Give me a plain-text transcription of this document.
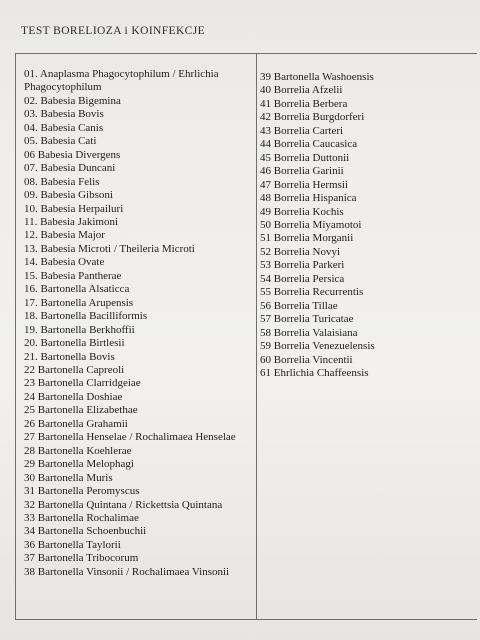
TEST BORELIOZA i KOINFEKCJE
01. Anaplasma Phagocytophilum / Ehrlichia Phagocytophilum
02. Babesia Bigemina
03. Babesia Bovis
04. Babesia Canis
05. Babesia Cati
06 Babesia Divergens
07. Babesia Duncani
08. Babesia Felis
09. Babesia Gibsoni
10. Babesia Herpailuri
11. Babesia Jakimoni
12. Babesia Major
13. Babesia Microti / Theileria Microti
14. Babesia Ovate
15. Babesia Pantherae
16. Bartonella Alsaticca
17. Bartonella Arupensis
18. Bartonella Bacilliformis
19. Bartonella Berkhoffii
20. Bartonella Birtlesii
21. Bartonella Bovis
22 Bartonella Capreoli
23 Bartonella Clarridgeiae
24 Bartonella Doshiae
25 Bartonella Elizabethae
26 Bartonella Grahamii
27 Bartonella Henselae / Rochalimaea Henselae
28 Bartonella Koehlerae
29 Bartonella Melophagi
30 Bartonella Muris
31 Bartonella Peromyscus
32 Bartonella Quintana / Rickettsia Quintana
33 Bartonella Rochalimae
34 Bartonella Schoenbuchii
36 Bartonella Taylorii
37 Bartonella Tribocorum
38 Bartonella Vinsonii / Rochalimaea Vinsonii
39 Bartonella Washoensis
40 Borrelia Afzelii
41 Borrelia Berbera
42 Borrelia Burgdorferi
43 Borrelia Carteri
44 Borrelia Caucasica
45 Borrelia Duttonii
46 Borrelia Garinii
47 Borrelia Hermsii
48 Borrelia Hispanica
49 Borrelia Kochis
50 Borrelia Miyamotoi
51 Borrelia Morganii
52 Borrelia Novyi
53 Borrelia Parkeri
54 Borrelia Persica
55 Borrelia Recurrentis
56 Borrelia Tillae
57 Borrelia Turicatae
58 Borrelia Valaisiana
59 Borrelia Venezuelensis
60 Borrelia Vincentii
61 Ehrlichia Chaffeensis
